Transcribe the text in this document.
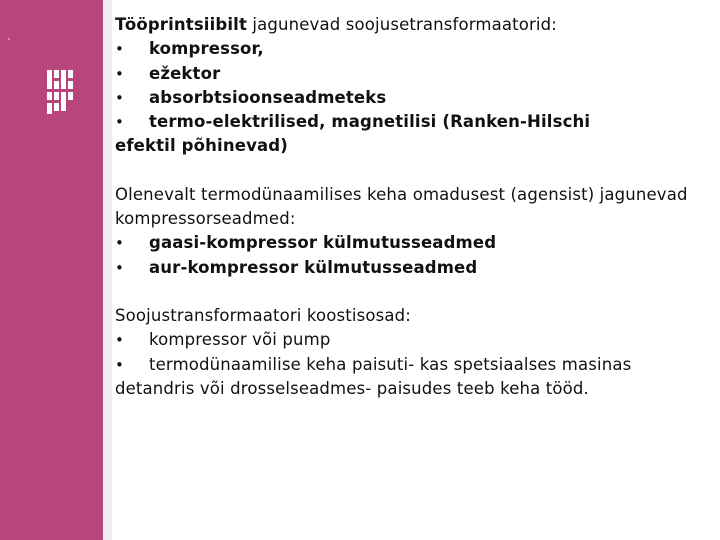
Tööprintsiibilt jagunevad soojusetransformaatorid:
• kompressor,
• ežektor
• absorbtsioonseadmeteks
• termo-elektrilised, magnetilisi (Ranken-Hilschi
efektil põhinevad)
Olenevalt termodünaamilises keha omadusest (agensist) jagunevad kompressorseadmed:
• gaasi-kompressor külmutusseadmed
• aur-kompressor külmutusseadmed
Soojustransformaatori koostisosad:
• kompressor või pump
• termodünaamilise keha paisuti- kas spetsiaalses masinas detandris või drosselseadmes- paisudes teeb keha tööd.
